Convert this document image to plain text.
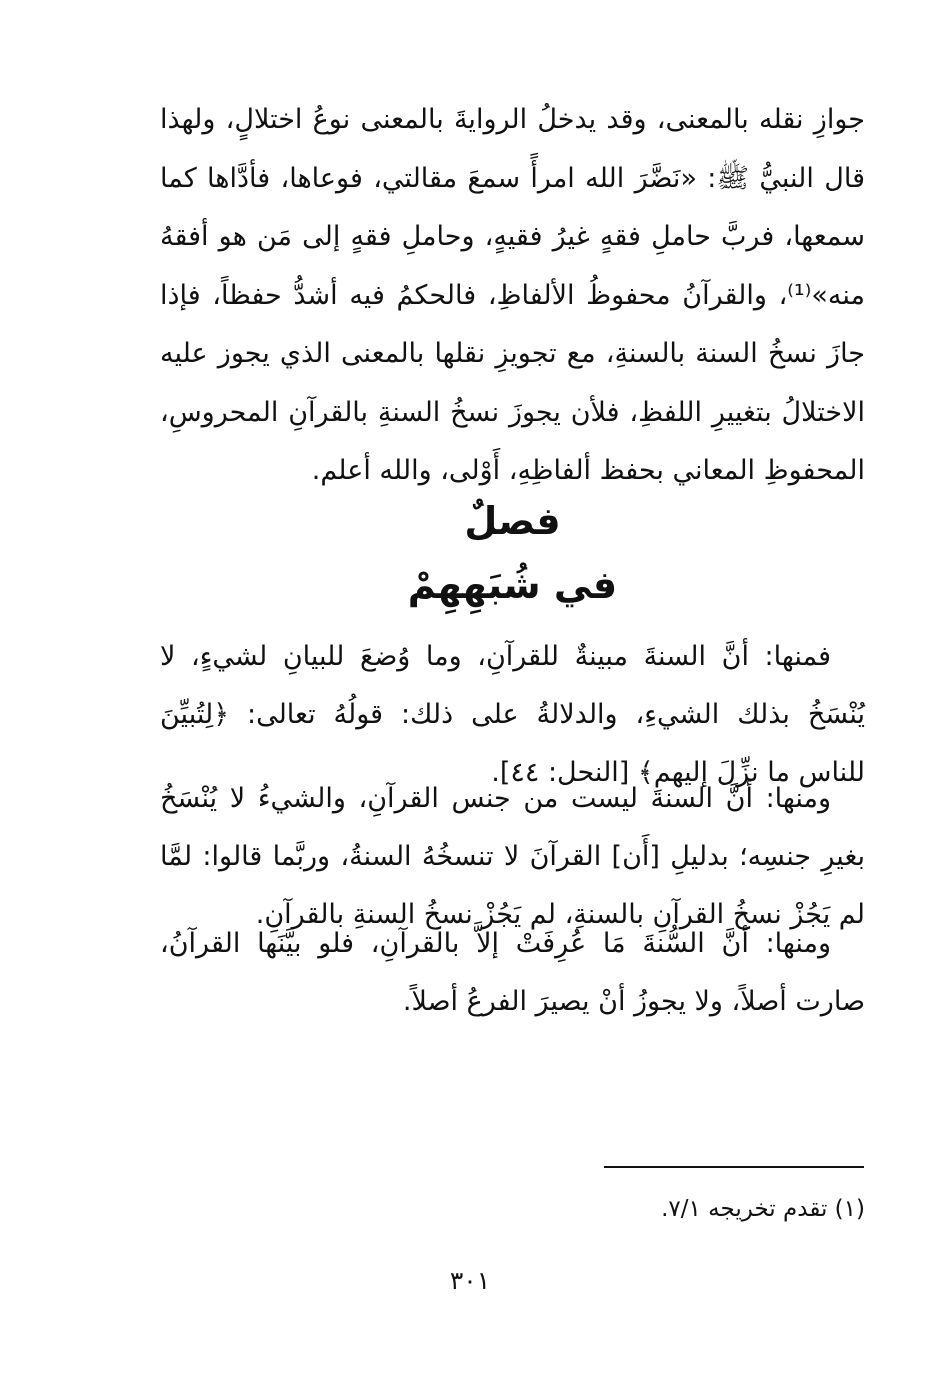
جوازِ نقله بالمعنى، وقد يدخلُ الروايةَ بالمعنى نوعُ اختلالٍ، ولهذا قال النبيُّ ﷺ: «نَضَّرَ الله امرأً سمعَ مقالتي، فوعاها، فأدَّاها كما سمعها، فربَّ حاملِ فقهٍ غيرُ فقيهٍ، وحاملِ فقهٍ إلى مَن هو أفقهُ منه»⁽¹⁾، والقرآنُ محفوظُ الألفاظِ، فالحكمُ فيه أشدُّ حفظاً، فإذا جازَ نسخُ السنة بالسنةِ، مع تجويزِ نقلها بالمعنى الذي يجوز عليه الاختلالُ بتغييرِ اللفظِ، فلأن يجوزَ نسخُ السنةِ بالقرآنِ المحروسِ، المحفوظِ المعاني بحفظ ألفاظِهِ، أَوْلى، والله أعلم.

فصلٌ
في شُبَهِهِمْ

فمنها: أنَّ السنةَ مبينةٌ للقرآنِ، وما وُضعَ للبيانِ لشيءٍ، لا يُنْسَخُ بذلك الشيءِ، والدلالةُ على ذلك: قولُهُ تعالى: ﴿لِتُبيِّنَ للناس ما نزِّلَ إليهم﴾ [النحل: ٤٤].

ومنها: أنَّ السنةَ ليست من جنس القرآنِ، والشيءُ لا يُنْسَخُ بغيرِ جنسِه؛ بدليلِ [أَن] القرآنَ لا تنسخُهُ السنةُ، وربَّما قالوا: لمَّا لم يَجُزْ نسخُ القرآنِ بالسنةِ، لم يَجُزْ نسخُ السنةِ بالقرآنِ.

ومنها: أنَّ السُّنةَ مَا عُرِفَتْ إلاَّ بالقرآنِ، فلو بيَّنَها القرآنُ، صارت أصلاً، ولا يجوزُ أنْ يصيرَ الفرعُ أصلاً.

(١) تقدم تخريجه ٧/١.

٣٠١
